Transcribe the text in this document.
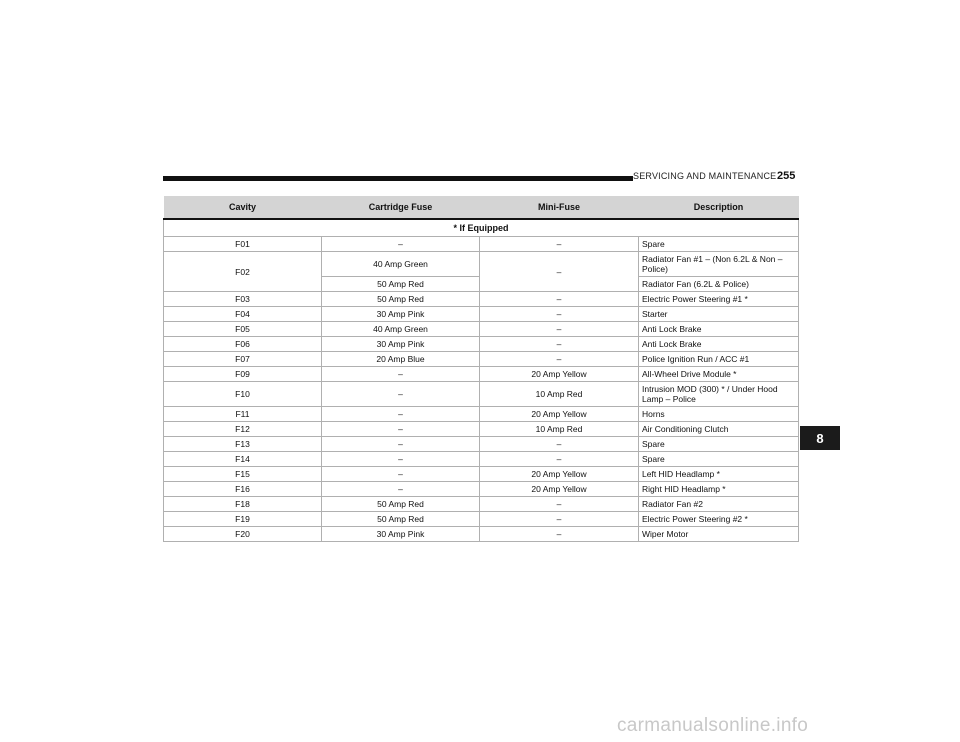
SERVICING AND MAINTENANCE 255
Cavity	Cartridge Fuse	Mini-Fuse	Description
* If Equipped			
F01	–	–	Spare
F02	40 Amp Green	–	Radiator Fan #1 – (Non 6.2L & Non – Police)
	50 Amp Red		Radiator Fan (6.2L & Police)
F03	50 Amp Red	–	Electric Power Steering #1 *
F04	30 Amp Pink	–	Starter
F05	40 Amp Green	–	Anti Lock Brake
F06	30 Amp Pink	–	Anti Lock Brake
F07	20 Amp Blue	–	Police Ignition Run / ACC #1
F09	–	20 Amp Yellow	All-Wheel Drive Module *
F10	–	10 Amp Red	Intrusion MOD (300) * / Under Hood Lamp – Police
F11	–	20 Amp Yellow	Horns
F12	–	10 Amp Red	Air Conditioning Clutch
F13	–	–	Spare
F14	–	–	Spare
F15	–	20 Amp Yellow	Left HID Headlamp *
F16	–	20 Amp Yellow	Right HID Headlamp *
F18	50 Amp Red	–	Radiator Fan #2
F19	50 Amp Red	–	Electric Power Steering #2 *
F20	30 Amp Pink	–	Wiper Motor
8
carmanualsonline.info
